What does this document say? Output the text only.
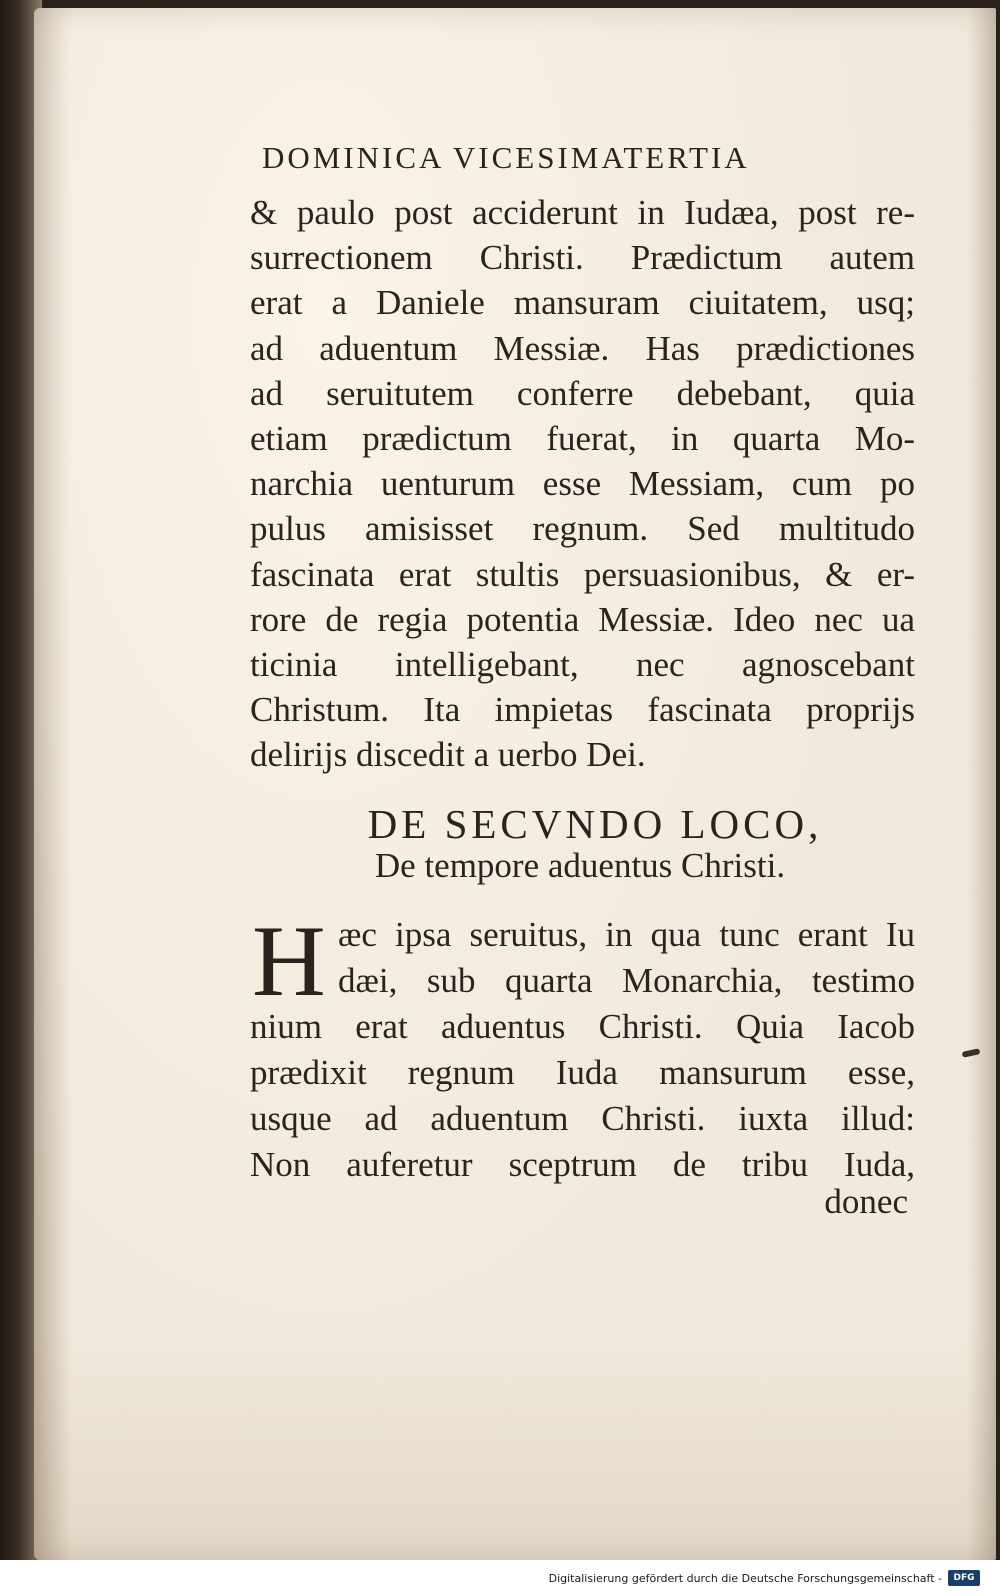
DOMINICA VICESIMATERTIA
& paulo post acciderunt in Iudæa, post re-
surrectionem Christi. Prædictum autem
erat a Daniele mansuram ciuitatem, usq;
ad aduentum Messiæ. Has prædictiones
ad seruitutem conferre debebant, quia
etiam prædictum fuerat, in quarta Mo-
narchia uenturum esse Messiam, cum po
pulus amisisset regnum. Sed multitudo
fascinata erat stultis persuasionibus, & er-
rore de regia potentia Messiæ. Ideo nec ua
ticinia intelligebant, nec agnoscebant
Christum. Ita impietas fascinata proprijs
delirijs discedit a uerbo Dei.
DE SECVNDO LOCO,
De tempore aduentus Christi.
H æc ipsa seruitus, in qua tunc erant Iu
dæi, sub quarta Monarchia, testimo
nium erat aduentus Christi. Quia Iacob
prædixit regnum Iuda mansurum esse,
usque ad aduentum Christi. iuxta illud:
Non auferetur sceptrum de tribu Iuda,
donec
Digitalisierung gefördert durch die Deutsche Forschungsgemeinschaft -	DFG
